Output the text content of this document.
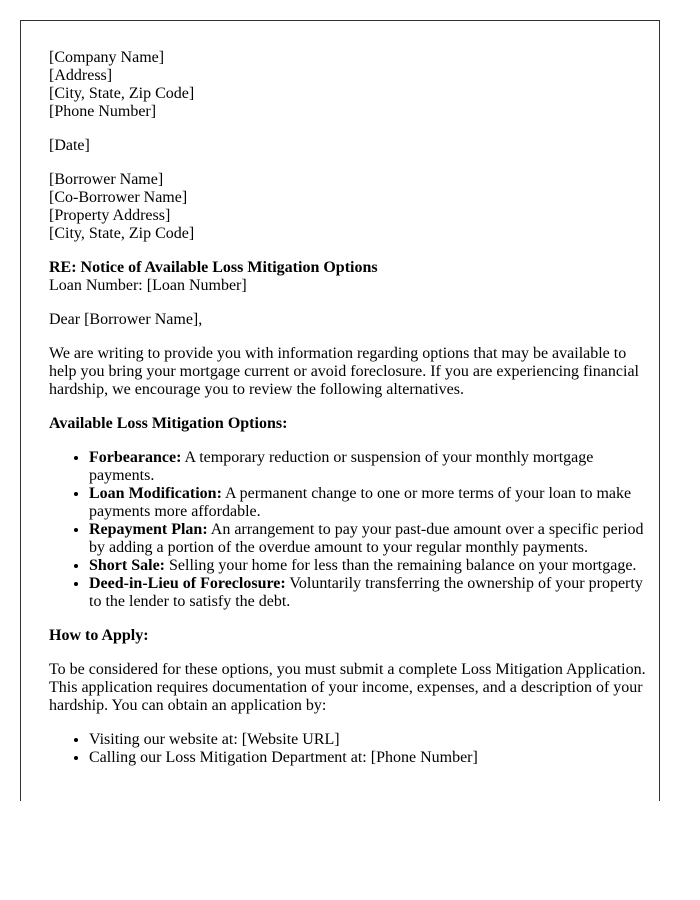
[Company Name]
[Address]
[City, State, Zip Code]
[Phone Number]

[Date]

[Borrower Name]
[Co-Borrower Name]
[Property Address]
[City, State, Zip Code]

RE: Notice of Available Loss Mitigation Options
Loan Number: [Loan Number]

Dear [Borrower Name],

We are writing to provide you with information regarding options that may be available to help you bring your mortgage current or avoid foreclosure. If you are experiencing financial hardship, we encourage you to review the following alternatives.

Available Loss Mitigation Options:

• Forbearance: A temporary reduction or suspension of your monthly mortgage payments.
• Loan Modification: A permanent change to one or more terms of your loan to make payments more affordable.
• Repayment Plan: An arrangement to pay your past-due amount over a specific period by adding a portion of the overdue amount to your regular monthly payments.
• Short Sale: Selling your home for less than the remaining balance on your mortgage.
• Deed-in-Lieu of Foreclosure: Voluntarily transferring the ownership of your property to the lender to satisfy the debt.

How to Apply:

To be considered for these options, you must submit a complete Loss Mitigation Application. This application requires documentation of your income, expenses, and a description of your hardship. You can obtain an application by:

• Visiting our website at: [Website URL]
• Calling our Loss Mitigation Department at: [Phone Number]
